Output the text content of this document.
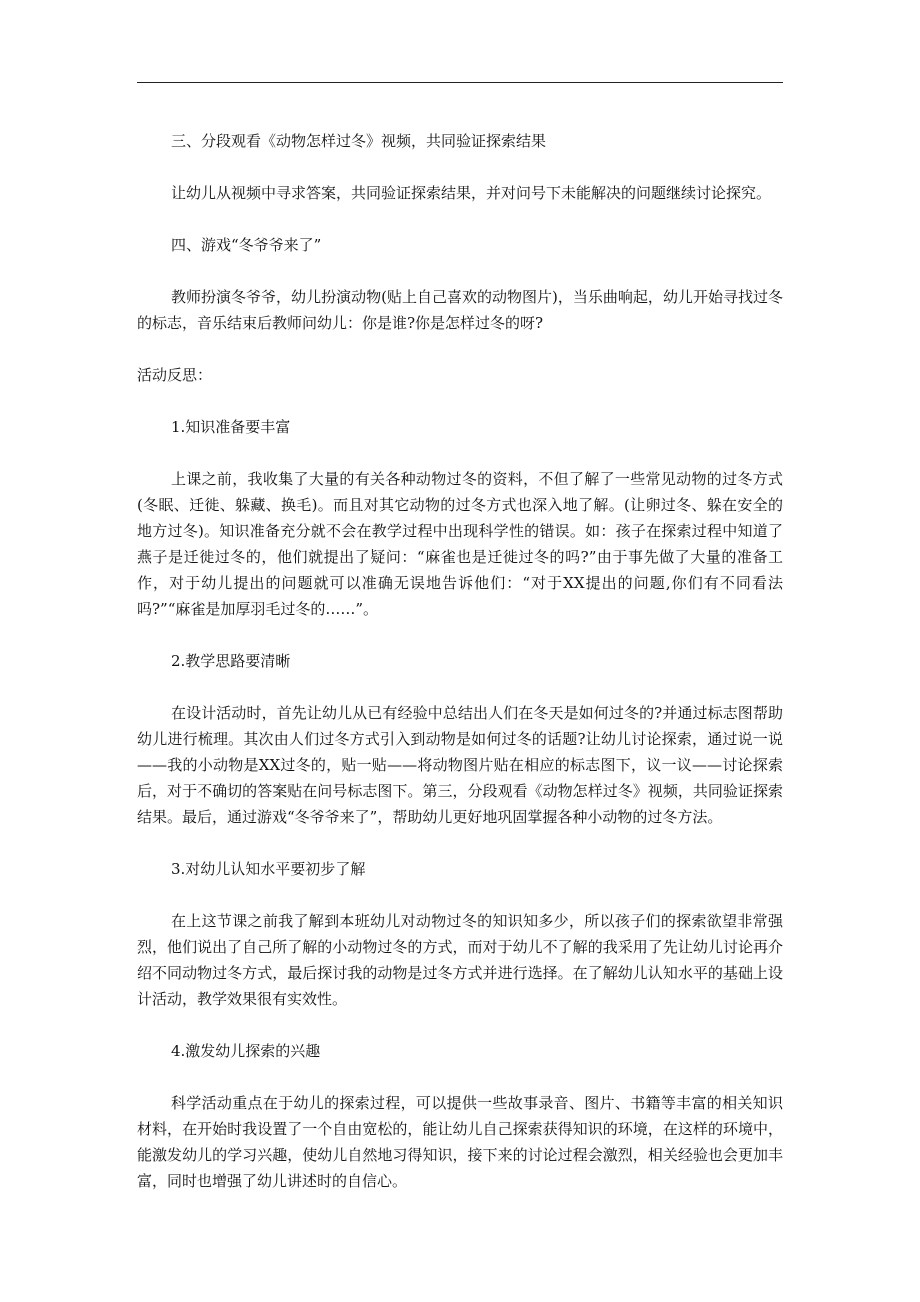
三、分段观看《动物怎样过冬》视频，共同验证探索结果

让幼儿从视频中寻求答案，共同验证探索结果，并对问号下未能解决的问题继续讨论探究。

四、游戏“冬爷爷来了”

教师扮演冬爷爷，幼儿扮演动物(贴上自己喜欢的动物图片)，当乐曲响起，幼儿开始寻找过冬的标志，音乐结束后教师问幼儿：你是谁?你是怎样过冬的呀?

活动反思：

1.知识准备要丰富

上课之前，我收集了大量的有关各种动物过冬的资料，不但了解了一些常见动物的过冬方式(冬眠、迁徙、躲藏、换毛)。而且对其它动物的过冬方式也深入地了解。(让卵过冬、躲在安全的地方过冬)。知识准备充分就不会在教学过程中出现科学性的错误。如：孩子在探索过程中知道了燕子是迁徙过冬的，他们就提出了疑问：“麻雀也是迁徙过冬的吗?”由于事先做了大量的准备工作，对于幼儿提出的问题就可以准确无误地告诉他们：“对于XX提出的问题,你们有不同看法吗?”“麻雀是加厚羽毛过冬的……”。

2.教学思路要清晰

在设计活动时，首先让幼儿从已有经验中总结出人们在冬天是如何过冬的?并通过标志图帮助幼儿进行梳理。其次由人们过冬方式引入到动物是如何过冬的话题?让幼儿讨论探索，通过说一说——我的小动物是XX过冬的，贴一贴——将动物图片贴在相应的标志图下，议一议——讨论探索后，对于不确切的答案贴在问号标志图下。第三，分段观看《动物怎样过冬》视频，共同验证探索结果。最后，通过游戏“冬爷爷来了”，帮助幼儿更好地巩固掌握各种小动物的过冬方法。

3.对幼儿认知水平要初步了解

在上这节课之前我了解到本班幼儿对动物过冬的知识知多少，所以孩子们的探索欲望非常强烈，他们说出了自己所了解的小动物过冬的方式，而对于幼儿不了解的我采用了先让幼儿讨论再介绍不同动物过冬方式，最后探讨我的动物是过冬方式并进行选择。在了解幼儿认知水平的基础上设计活动，教学效果很有实效性。

4.激发幼儿探索的兴趣

科学活动重点在于幼儿的探索过程，可以提供一些故事录音、图片、书籍等丰富的相关知识材料，在开始时我设置了一个自由宽松的，能让幼儿自己探索获得知识的环境，在这样的环境中，能激发幼儿的学习兴趣，使幼儿自然地习得知识，接下来的讨论过程会激烈，相关经验也会更加丰富，同时也增强了幼儿讲述时的自信心。
